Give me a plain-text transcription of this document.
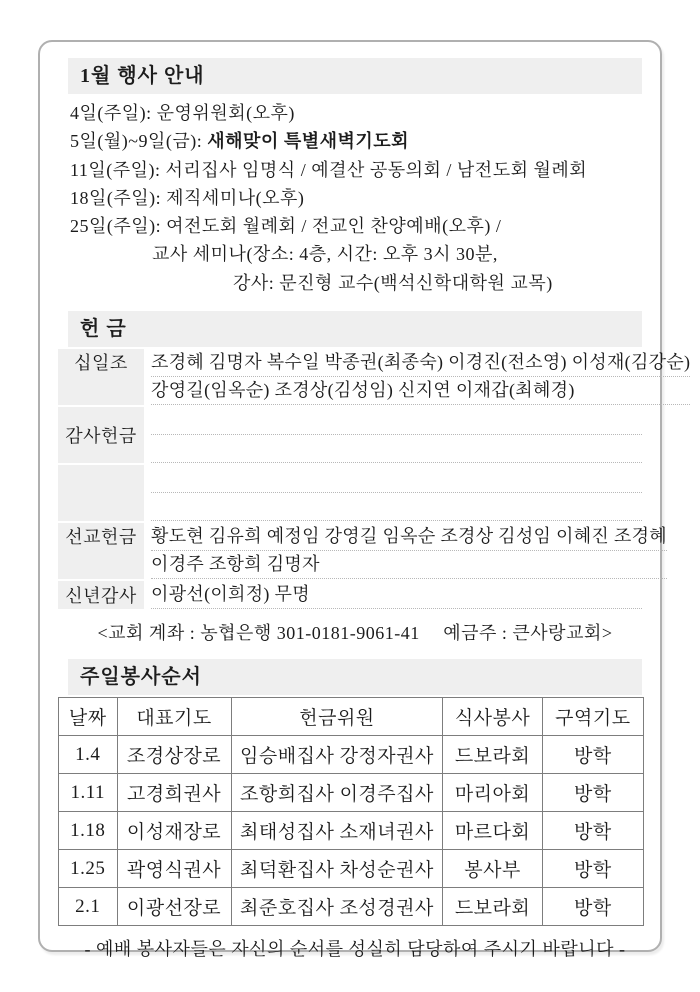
1월 행사 안내
4일(주일): 운영위원회(오후)
5일(월)~9일(금): 새해맞이 특별새벽기도회
11일(주일): 서리집사 임명식 / 예결산 공동의회 / 남전도회 월례회
18일(주일): 제직세미나(오후)
25일(주일): 여전도회 월례회 / 전교인 찬양예배(오후) /
교사 세미나(장소: 4층, 시간: 오후 3시 30분,
강사: 문진형 교수(백석신학대학원 교목)
헌 금
십일조 조경혜 김명자 복수일 박종권(최종숙) 이경진(전소영) 이성재(김강순)
강영길(임옥순) 조경상(김성임) 신지연 이재갑(최혜경)
감사헌금
선교헌금 황도현 김유희 예정임 강영길 임옥순 조경상 김성임 이혜진 조경혜
이경주 조항희 김명자
신년감사 이광선(이희정) 무명
<교회 계좌 : 농협은행 301-0181-9061-41　 예금주 : 큰사랑교회>
주일봉사순서
날짜	대표기도	헌금위원	식사봉사	구역기도
1.4	조경상장로	임승배집사 강정자권사	드보라회	방학
1.11	고경희권사	조항희집사 이경주집사	마리아회	방학
1.18	이성재장로	최태성집사 소재녀권사	마르다회	방학
1.25	곽영식권사	최덕환집사 차성순권사	봉사부	방학
2.1	이광선장로	최준호집사 조성경권사	드보라회	방학
- 예배 봉사자들은 자신의 순서를 성실히 담당하여 주시기 바랍니다 -
